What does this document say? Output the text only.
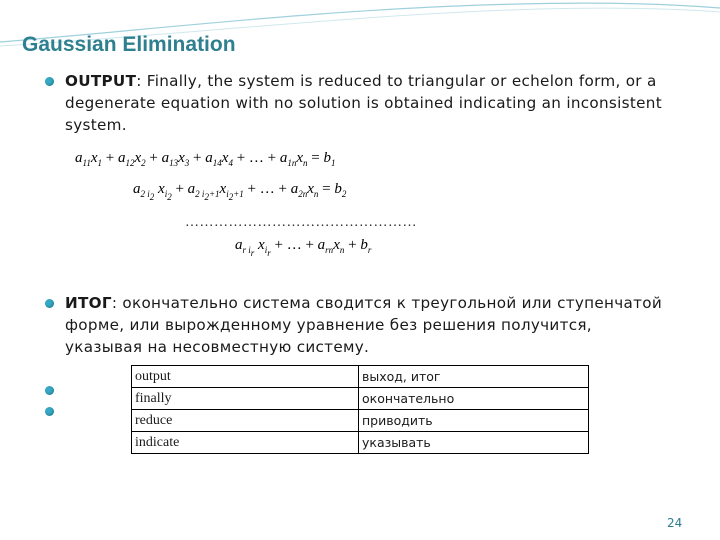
Gaussian Elimination
OUTPUT: Finally, the system is reduced to triangular or echelon form, or a degenerate equation with no solution is obtained indicating an inconsistent system.
$a_{11}x_1 + a_{12}x_2 + a_{13}x_3 + a_{14}x_4$ + … + $a_{1n}x_n = b_1$
$a_{2 i_2}$ $x_{i_2} + a_{2 i_2+1}x_{i_2+1}$ + … + $a_{2n}x_n = b_2$
…………………………………………
$a_{r i_r}$ $x_{i_r}$ + … + $a_{rn}x_n + b_r$
ИТОГ: окончательно система сводится к треугольной или ступенчатой форме, или вырожденному уравнение без решения получится, указывая на несовместную систему.
output	выход, итог
finally	окончательно
reduce	приводить
indicate	указывать
24
